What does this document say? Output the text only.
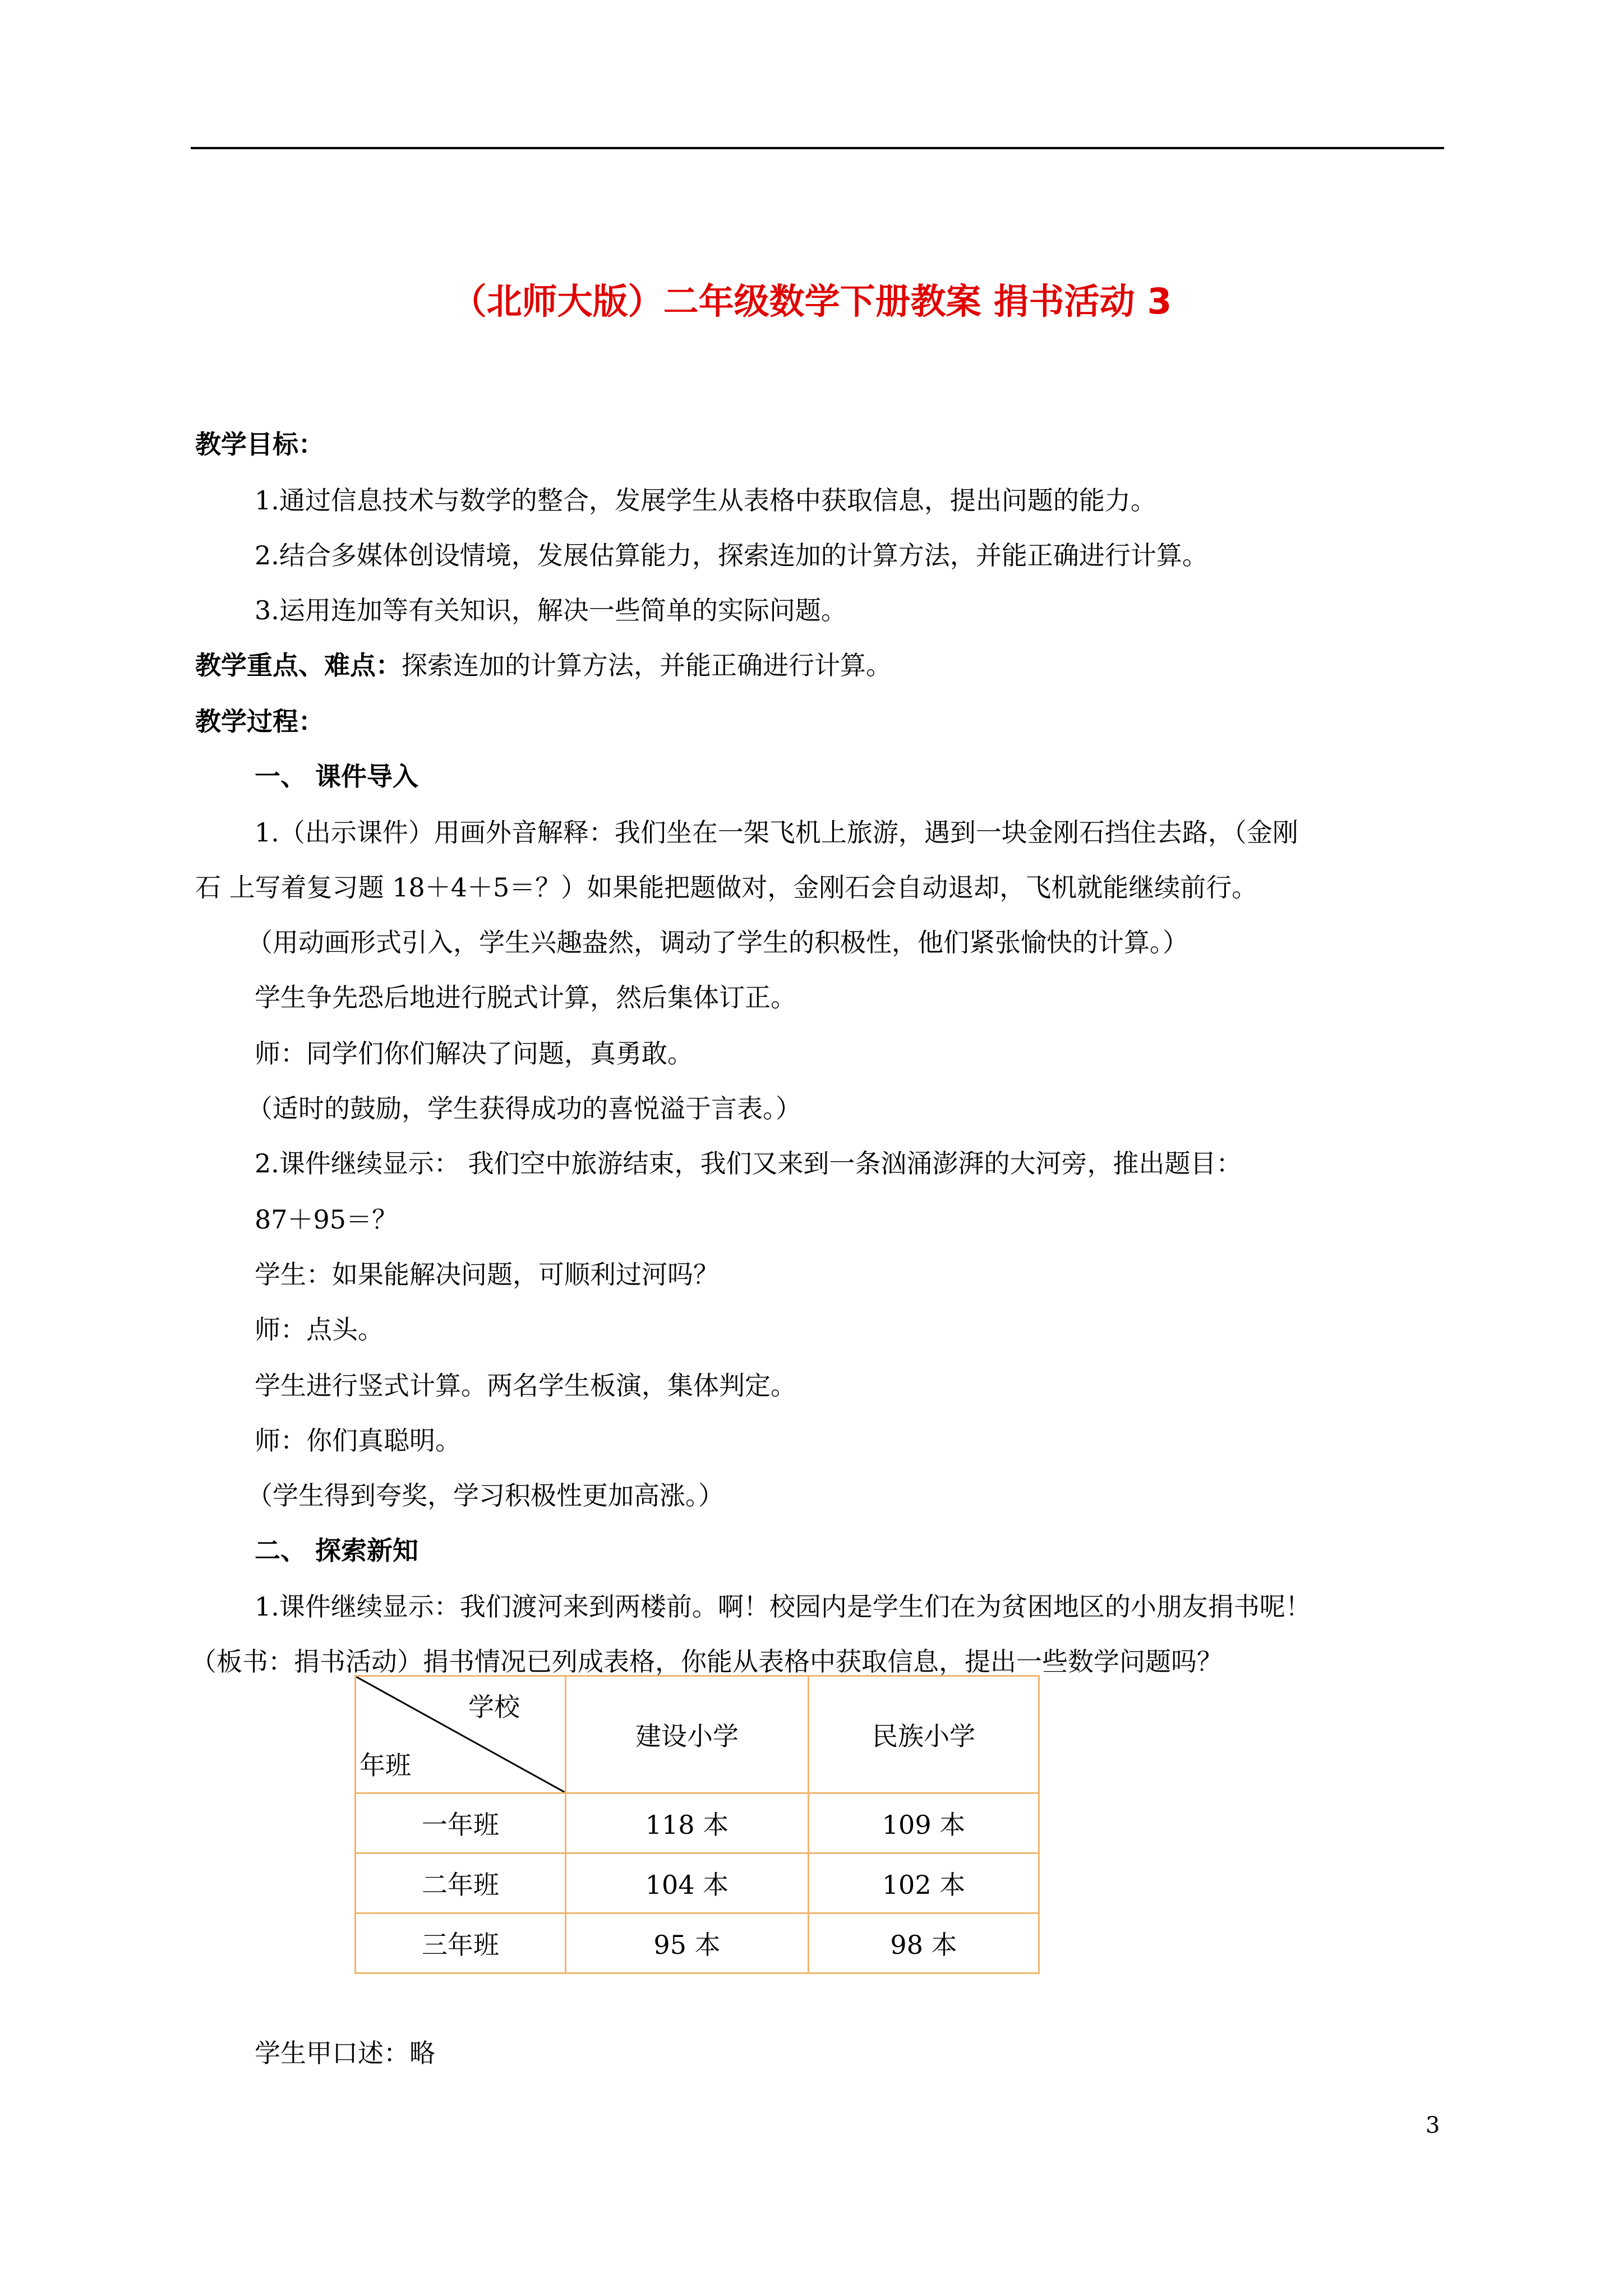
（北师大版）二年级数学下册教案 捐书活动 3
教学目标：
1.通过信息技术与数学的整合，发展学生从表格中获取信息，提出问题的能力。
2.结合多媒体创设情境，发展估算能力，探索连加的计算方法，并能正确进行计算。
3.运用连加等有关知识，解决一些简单的实际问题。
教学重点、难点：探索连加的计算方法，并能正确进行计算。
教学过程：
一、 课件导入
1.（出示课件）用画外音解释：我们坐在一架飞机上旅游，遇到一块金刚石挡住去路，（金刚
石 上写着复习题 18＋4＋5＝？）如果能把题做对，金刚石会自动退却，飞机就能继续前行。
（用动画形式引入，学生兴趣盎然，调动了学生的积极性，他们紧张愉快的计算。）
学生争先恐后地进行脱式计算，然后集体订正。
师：同学们你们解决了问题，真勇敢。
（适时的鼓励，学生获得成功的喜悦溢于言表。）
2.课件继续显示： 我们空中旅游结束，我们又来到一条汹涌澎湃的大河旁，推出题目：
87＋95＝？
学生：如果能解决问题，可顺利过河吗？
师：点头。
学生进行竖式计算。两名学生板演，集体判定。
师：你们真聪明。
（学生得到夸奖，学习积极性更加高涨。）
二、 探索新知
1.课件继续显示：我们渡河来到两楼前。啊！校园内是学生们在为贫困地区的小朋友捐书呢！
（板书：捐书活动）捐书情况已列成表格，你能从表格中获取信息，提出一些数学问题吗？
学校
年班	建设小学	民族小学
一年班	118 本	109 本
二年班	104 本	102 本
三年班	95 本	98 本
学生甲口述：略
3
